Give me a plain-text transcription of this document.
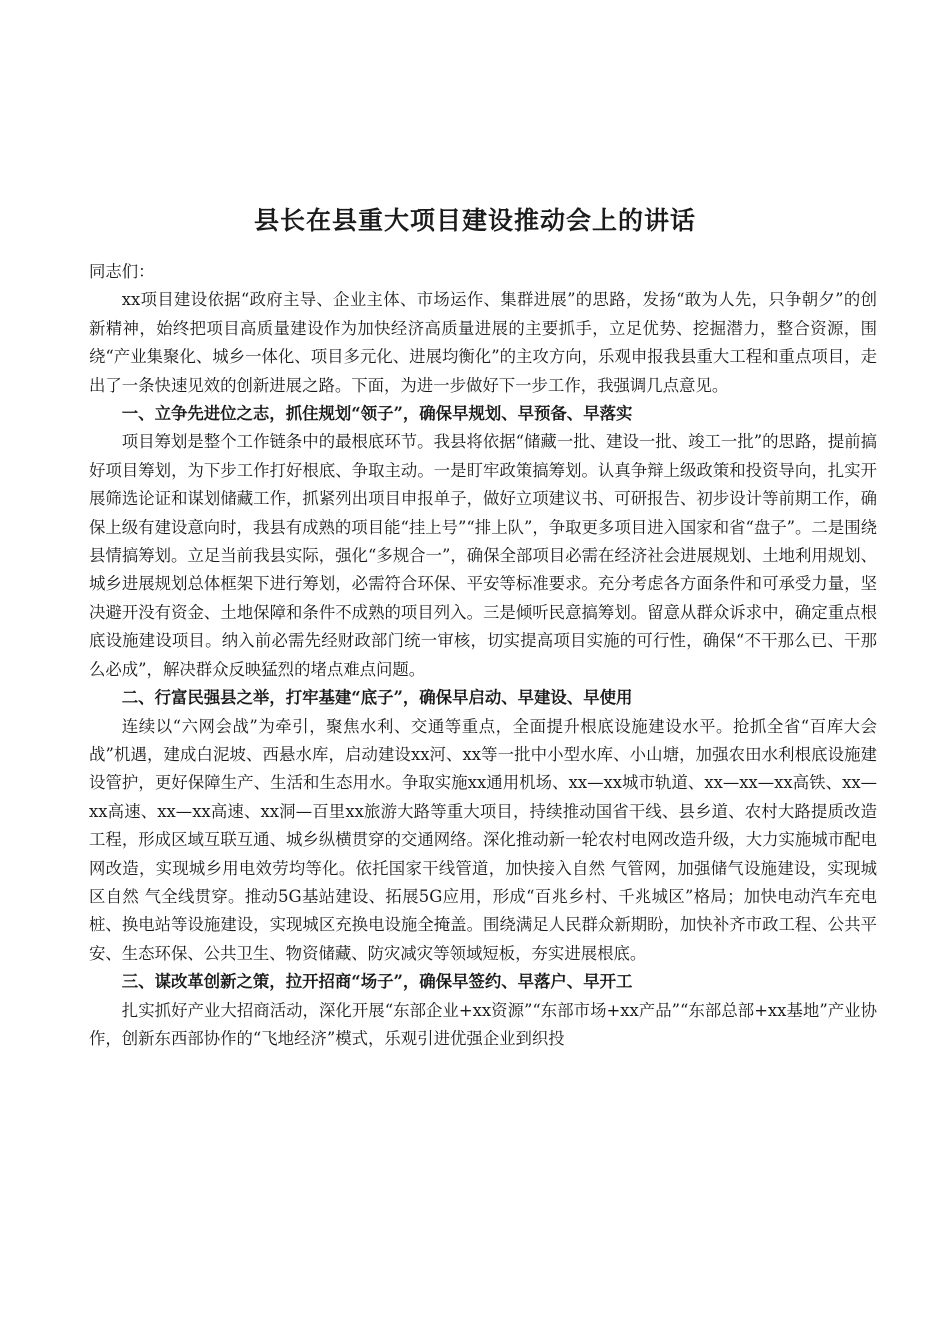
县长在县重大项目建设推动会上的讲话

同志们：

xx项目建设依据“政府主导、企业主体、市场运作、集群进展”的思路，发扬“敢为人先，只争朝夕”的创新精神，始终把项目高质量建设作为加快经济高质量进展的主要抓手，立足优势、挖掘潜力，整合资源，围绕“产业集聚化、城乡一体化、项目多元化、进展均衡化”的主攻方向，乐观申报我县重大工程和重点项目，走出了一条快速见效的创新进展之路。下面，为进一步做好下一步工作，我强调几点意见。

一、立争先进位之志，抓住规划“领子”，确保早规划、早预备、早落实

项目筹划是整个工作链条中的最根底环节。我县将依据“储藏一批、建设一批、竣工一批”的思路，提前搞好项目筹划，为下步工作打好根底、争取主动。一是盯牢政策搞筹划。认真争辩上级政策和投资导向，扎实开展筛选论证和谋划储藏工作，抓紧列出项目申报单子，做好立项建议书、可研报告、初步设计等前期工作，确保上级有建设意向时，我县有成熟的项目能“挂上号”“排上队”，争取更多项目进入国家和省“盘子”。二是围绕县情搞筹划。立足当前我县实际，强化“多规合一”，确保全部项目必需在经济社会进展规划、土地利用规划、城乡进展规划总体框架下进行筹划，必需符合环保、平安等标准要求。充分考虑各方面条件和可承受力量，坚决避开没有资金、土地保障和条件不成熟的项目列入。三是倾听民意搞筹划。留意从群众诉求中，确定重点根底设施建设项目。纳入前必需先经财政部门统一审核，切实提高项目实施的可行性，确保“不干那么已、干那么必成”，解决群众反映猛烈的堵点难点问题。

二、行富民强县之举，打牢基建“底子”，确保早启动、早建设、早使用

连续以“六网会战”为牵引，聚焦水利、交通等重点，全面提升根底设施建设水平。抢抓全省“百库大会战”机遇，建成白泥坡、西悬水库，启动建设xx河、xx等一批中小型水库、小山塘，加强农田水利根底设施建设管护，更好保障生产、生活和生态用水。争取实施xx通用机场、xx—xx城市轨道、xx—xx—xx高铁、xx—xx高速、xx—xx高速、xx洞—百里xx旅游大路等重大项目，持续推动国省干线、县乡道、农村大路提质改造工程，形成区域互联互通、城乡纵横贯穿的交通网络。深化推动新一轮农村电网改造升级，大力实施城市配电网改造，实现城乡用电效劳均等化。依托国家干线管道，加快接入自然 气管网，加强储气设施建设，实现城区自然 气全线贯穿。推动5G基站建设、拓展5G应用，形成“百兆乡村、千兆城区”格局；加快电动汽车充电桩、换电站等设施建设，实现城区充换电设施全掩盖。围绕满足人民群众新期盼，加快补齐市政工程、公共平安、生态环保、公共卫生、物资储藏、防灾减灾等领域短板，夯实进展根底。

三、谋改革创新之策，拉开招商“场子”，确保早签约、早落户、早开工

扎实抓好产业大招商活动，深化开展“东部企业+xx资源”“东部市场+xx产品”“东部总部+xx基地”产业协作，创新东西部协作的“飞地经济”模式，乐观引进优强企业到织投
